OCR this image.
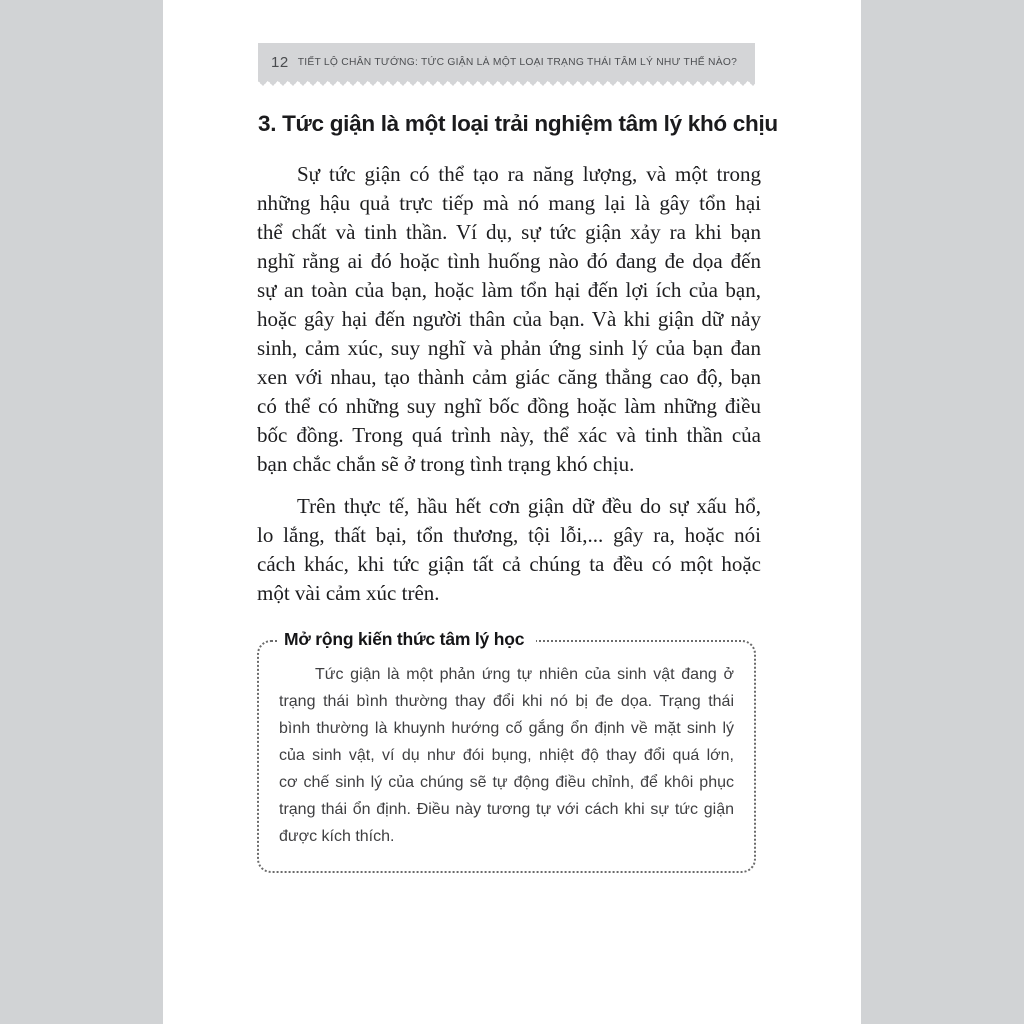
12 TIẾT LỘ CHÂN TƯỚNG: TỨC GIẬN LÀ MỘT LOẠI TRẠNG THÁI TÂM LÝ NHƯ THẾ NÀO?
3. Tức giận là một loại trải nghiệm tâm lý khó chịu
Sự tức giận có thể tạo ra năng lượng, và một trong
những hậu quả trực tiếp mà nó mang lại là gây tổn hại
thể chất và tinh thần. Ví dụ, sự tức giận xảy ra khi bạn
nghĩ rằng ai đó hoặc tình huống nào đó đang đe dọa đến
sự an toàn của bạn, hoặc làm tổn hại đến lợi ích của bạn,
hoặc gây hại đến người thân của bạn. Và khi giận dữ nảy
sinh, cảm xúc, suy nghĩ và phản ứng sinh lý của bạn đan
xen với nhau, tạo thành cảm giác căng thẳng cao độ, bạn
có thể có những suy nghĩ bốc đồng hoặc làm những điều
bốc đồng. Trong quá trình này, thể xác và tinh thần của
bạn chắc chắn sẽ ở trong tình trạng khó chịu.
Trên thực tế, hầu hết cơn giận dữ đều do sự xấu hổ,
lo lắng, thất bại, tổn thương, tội lỗi,... gây ra, hoặc nói
cách khác, khi tức giận tất cả chúng ta đều có một hoặc
một vài cảm xúc trên.
Mở rộng kiến thức tâm lý học
Tức giận là một phản ứng tự nhiên của sinh vật đang ở
trạng thái bình thường thay đổi khi nó bị đe dọa. Trạng thái
bình thường là khuynh hướng cố gắng ổn định về mặt sinh lý
của sinh vật, ví dụ như đói bụng, nhiệt độ thay đổi quá lớn,
cơ chế sinh lý của chúng sẽ tự động điều chỉnh, để khôi phục
trạng thái ổn định. Điều này tương tự với cách khi sự tức giận
được kích thích.
